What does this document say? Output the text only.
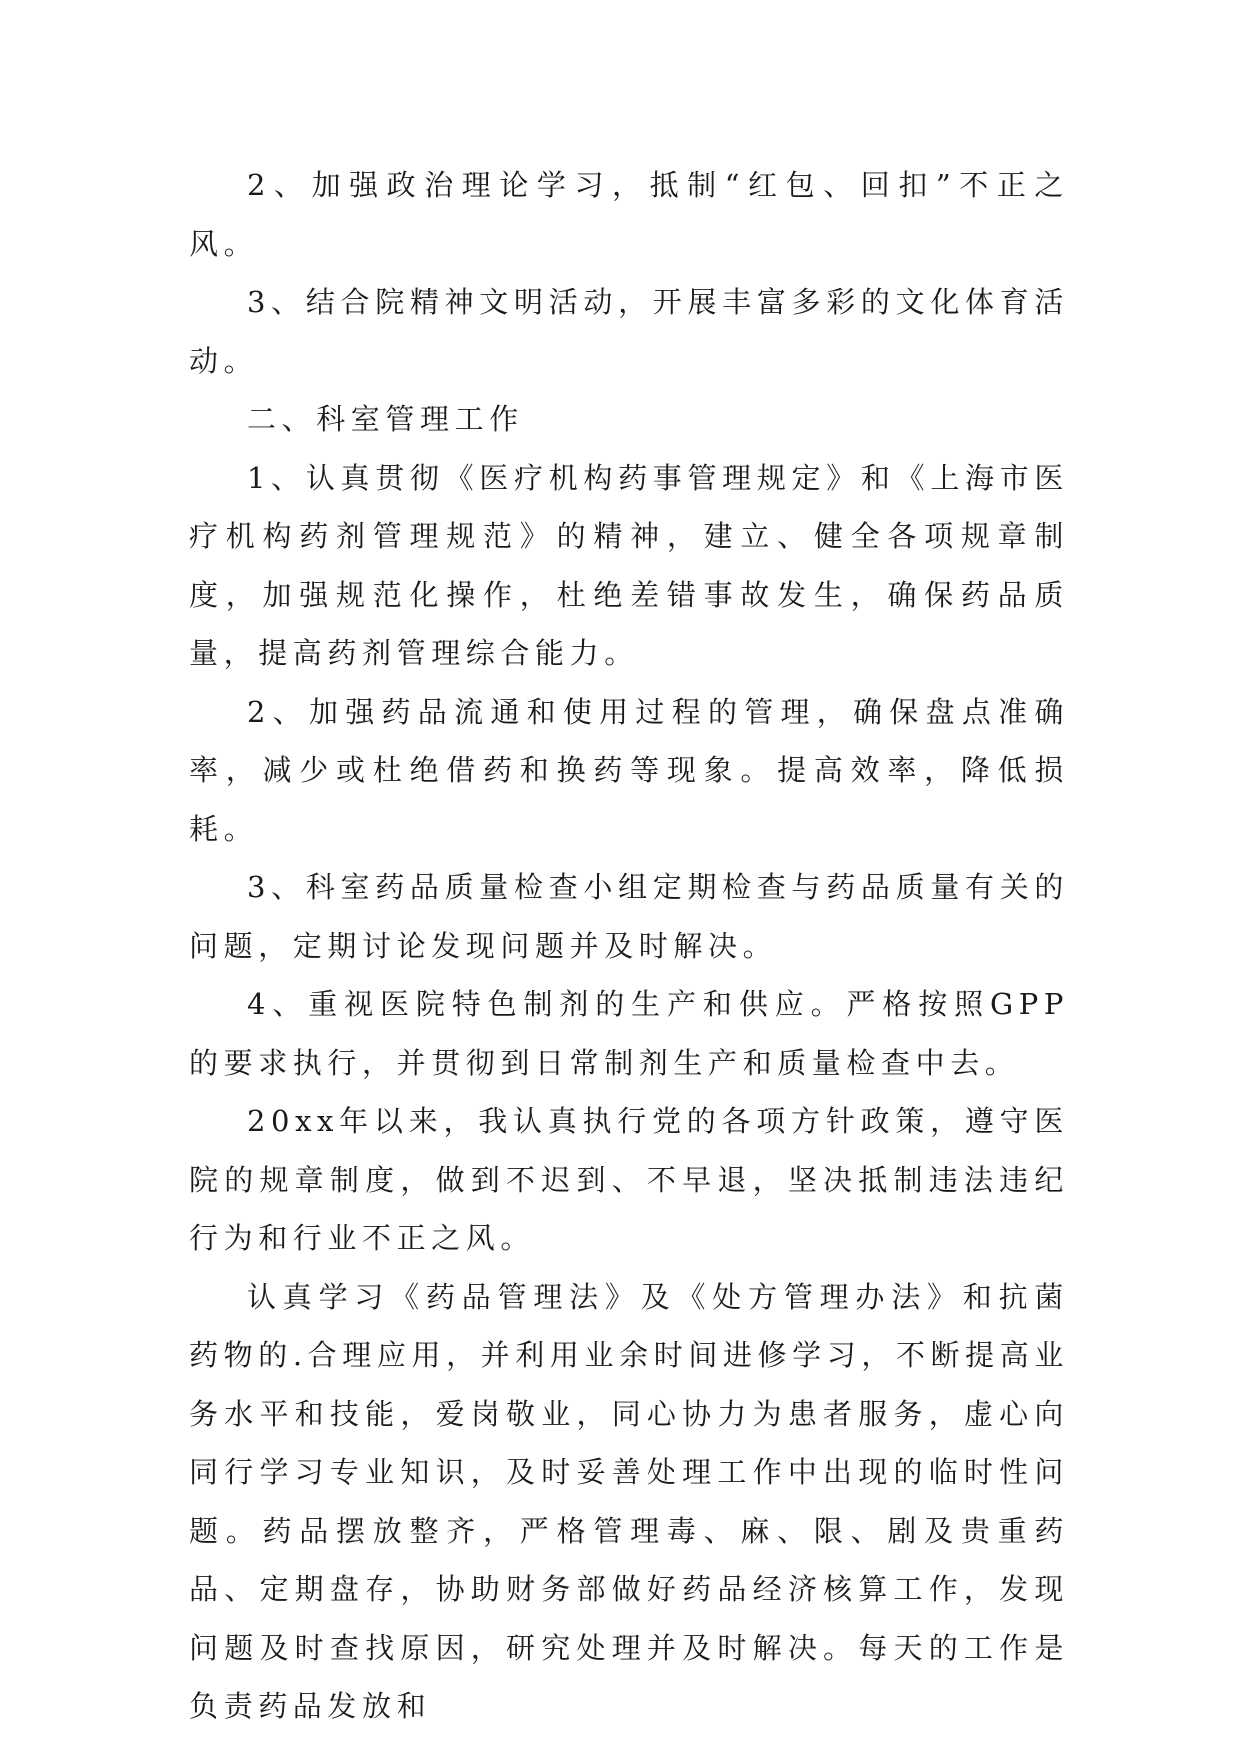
2、加强政治理论学习，抵制“红包、回扣”不正之风。

3、结合院精神文明活动，开展丰富多彩的文化体育活动。

二、科室管理工作

1、认真贯彻《医疗机构药事管理规定》和《上海市医疗机构药剂管理规范》的精神，建立、健全各项规章制度，加强规范化操作，杜绝差错事故发生，确保药品质量，提高药剂管理综合能力。

2、加强药品流通和使用过程的管理，确保盘点准确率，减少或杜绝借药和换药等现象。提高效率，降低损耗。

3、科室药品质量检查小组定期检查与药品质量有关的问题，定期讨论发现问题并及时解决。

4、重视医院特色制剂的生产和供应。严格按照GPP的要求执行，并贯彻到日常制剂生产和质量检查中去。

20xx年以来，我认真执行党的各项方针政策，遵守医院的规章制度，做到不迟到、不早退，坚决抵制违法违纪行为和行业不正之风。

认真学习《药品管理法》及《处方管理办法》和抗菌药物的.合理应用，并利用业余时间进修学习，不断提高业务水平和技能，爱岗敬业，同心协力为患者服务，虚心向同行学习专业知识，及时妥善处理工作中出现的临时性问题。药品摆放整齐，严格管理毒、麻、限、剧及贵重药品、定期盘存，协助财务部做好药品经济核算工作，发现问题及时查找原因，研究处理并及时解决。每天的工作是负责药品发放和
